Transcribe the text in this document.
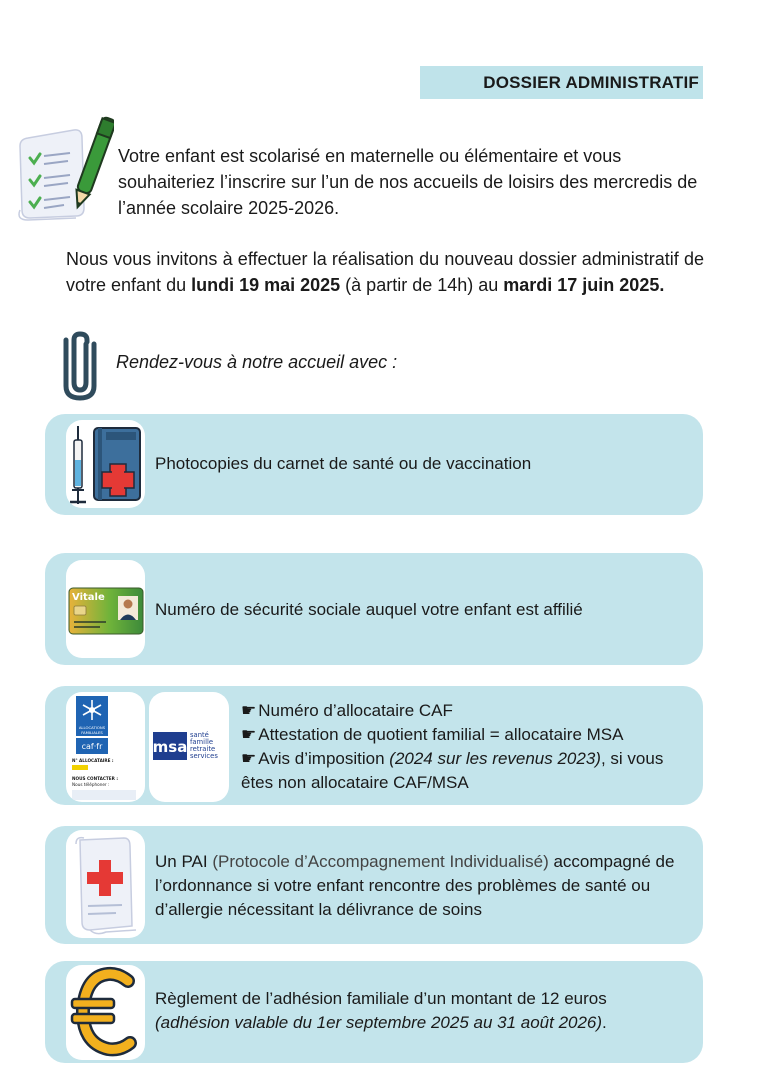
DOSSIER ADMINISTRATIF
Votre enfant est scolarisé en maternelle ou élémentaire et vous souhaiteriez l’inscrire sur l’un de nos accueils de loisirs des mercredis de l’année scolaire 2025-2026.
Nous vous invitons à effectuer la réalisation du nouveau dossier administratif de votre enfant du lundi 19 mai 2025 (à partir de 14h) au mardi 17 juin 2025.
Rendez-vous à notre accueil avec :
Photocopies du carnet de santé ou de vaccination
Vitale
Numéro de sécurité sociale auquel votre enfant est affilié
ALLOCATIONS
FAMILIALES
caf·fr
N° ALLOCATAIRE :
NOUS CONTACTER :
Nous téléphoner :
msa
santé
famille
retraite
services
☛ Numéro d’allocataire CAF
☛ Attestation de quotient familial = allocataire MSA
☛ Avis d’imposition (2024 sur les revenus 2023), si vous êtes non allocataire CAF/MSA
Un PAI (Protocole d’Accompagnement Individualisé) accompagné de l’ordonnance si votre enfant rencontre des problèmes de santé ou d’allergie nécessitant la délivrance de soins
Règlement de l’adhésion familiale d’un montant de 12 euros
(adhésion valable du 1er septembre 2025 au 31 août 2026).
